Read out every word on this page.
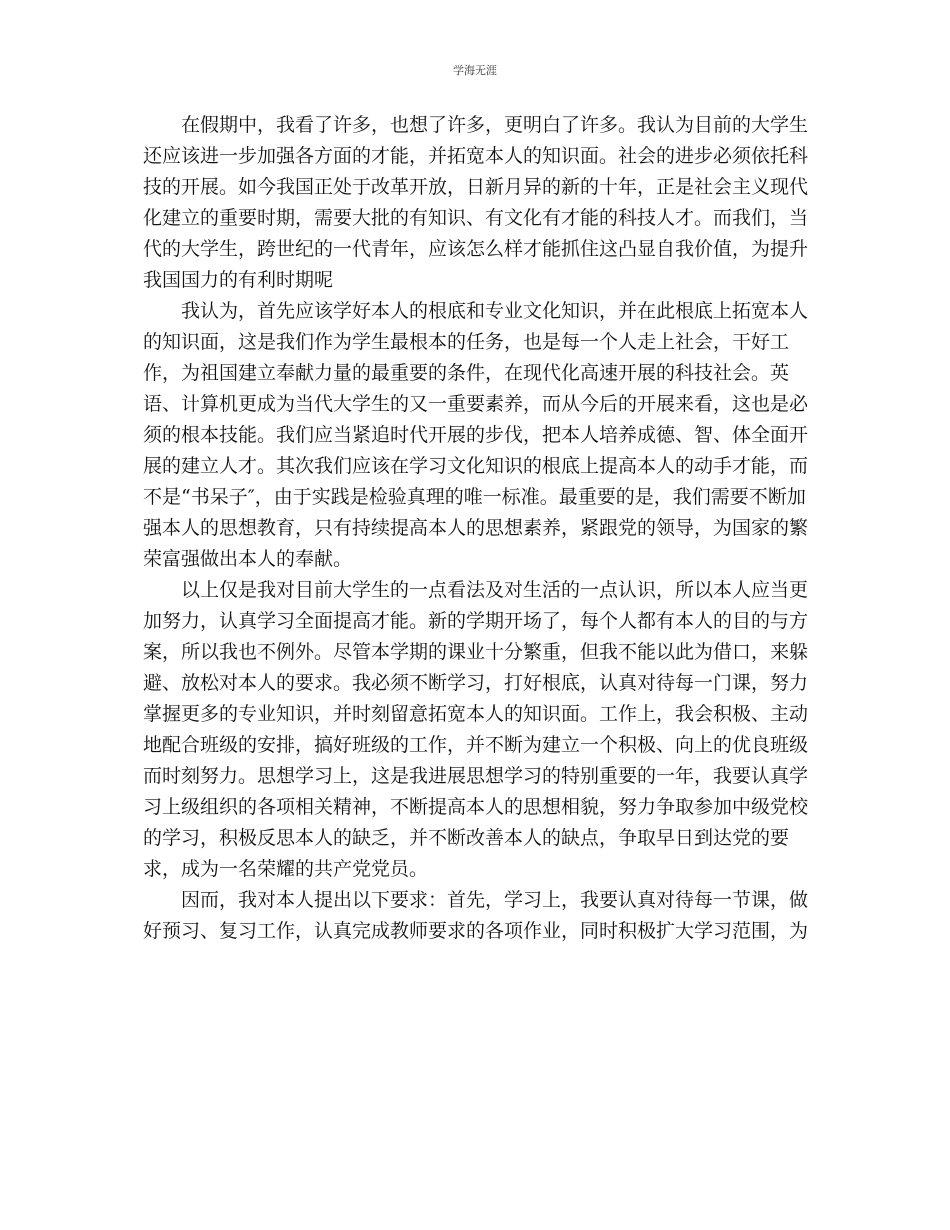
学海无涯
　　在假期中，我看了许多，也想了许多，更明白了许多。我认为目前的大学生
还应该进一步加强各方面的才能，并拓宽本人的知识面。社会的进步必须依托科
技的开展。如今我国正处于改革开放，日新月异的新的十年，正是社会主义现代
化建立的重要时期，需要大批的有知识、有文化有才能的科技人才。而我们，当
代的大学生，跨世纪的一代青年，应该怎么样才能抓住这凸显自我价值，为提升
我国国力的有利时期呢
　　我认为，首先应该学好本人的根底和专业文化知识，并在此根底上拓宽本人
的知识面，这是我们作为学生最根本的任务，也是每一个人走上社会，干好工
作，为祖国建立奉献力量的最重要的条件，在现代化高速开展的科技社会。英
语、计算机更成为当代大学生的又一重要素养，而从今后的开展来看，这也是必
须的根本技能。我们应当紧追时代开展的步伐，把本人培养成德、智、体全面开
展的建立人才。其次我们应该在学习文化知识的根底上提高本人的动手才能，而
不是“书呆子″，由于实践是检验真理的唯一标准。最重要的是，我们需要不断加
强本人的思想教育，只有持续提高本人的思想素养，紧跟党的领导，为国家的繁
荣富强做出本人的奉献。
　　以上仅是我对目前大学生的一点看法及对生活的一点认识，所以本人应当更
加努力，认真学习全面提高才能。新的学期开场了，每个人都有本人的目的与方
案，所以我也不例外。尽管本学期的课业十分繁重，但我不能以此为借口，来躲
避、放松对本人的要求。我必须不断学习，打好根底，认真对待每一门课，努力
掌握更多的专业知识，并时刻留意拓宽本人的知识面。工作上，我会积极、主动
地配合班级的安排，搞好班级的工作，并不断为建立一个积极、向上的优良班级
而时刻努力。思想学习上，这是我进展思想学习的特别重要的一年，我要认真学
习上级组织的各项相关精神，不断提高本人的思想相貌，努力争取参加中级党校
的学习，积极反思本人的缺乏，并不断改善本人的缺点，争取早日到达党的要
求，成为一名荣耀的共产党党员。
　　因而，我对本人提出以下要求：首先，学习上，我要认真对待每一节课，做
好预习、复习工作，认真完成教师要求的各项作业，同时积极扩大学习范围，为
